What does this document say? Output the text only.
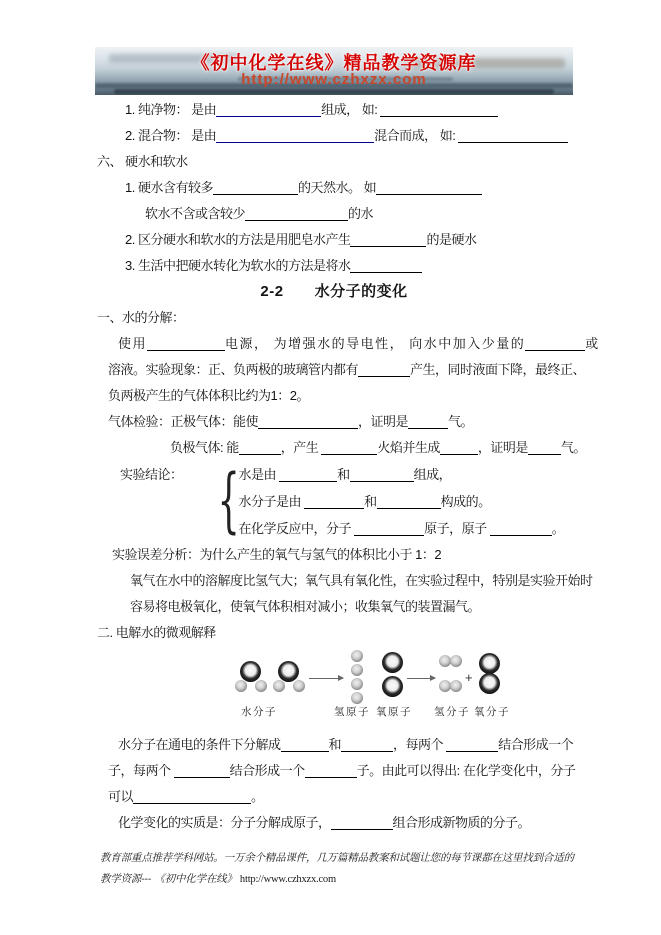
《初中化学在线》精品教学资源库
http://www.czhxzx.com
1. 纯净物： 是由	组成， 如:
2. 混合物： 是由	混合而成， 如:
六、 硬水和软水
1. 硬水含有较多	的天然水。 如
软水不含或含较少	的水
2. 区分硬水和软水的方法是用肥皂水产生	的是硬水
3. 生活中把硬水转化为软水的方法是将水
2-2　　水分子的变化
一、水的分解：
使用	电源， 为增强水的导电性， 向水中加入少量的	或
溶液。实验现象：正、负两极的玻璃管内都有	产生，同时液面下降，最终正、
负两极产生的气体体积比约为1：2。
气体检验：正极气体：能使	，证明是	气。
负极气体: 能	，产生	火焰并生成	，证明是	气。
实验结论： { 水是由	和	组成，
水分子是由	和	构成的。
在化学反应中，分子	原子，原子	。
实验误差分析：为什么产生的氧气与氢气的体积比小于 1：2
氧气在水中的溶解度比氢气大；氧气具有氧化性，在实验过程中，特别是实验开始时
容易将电极氧化，使氧气体积相对减小；收集氧气的装置漏气。
二. 电解水的微观解释
+
水分子	氢原子 氧原子 氢分子 氧分子
水分子在通电的条件下分解成	和	，每两个	结合形成一个
子，每两个	结合形成一个	子。由此可以得出: 在化学变化中，分子
可以	。
化学变化的实质是：分子分解成原子，	组合形成新物质的分子。
教育部重点推荐学科网站。一万余个精品课件，几万篇精品教案和试题让您的每节课都在这里找到合适的
教学资源--- 《初中化学在线》 http://www.czhxzx.com
